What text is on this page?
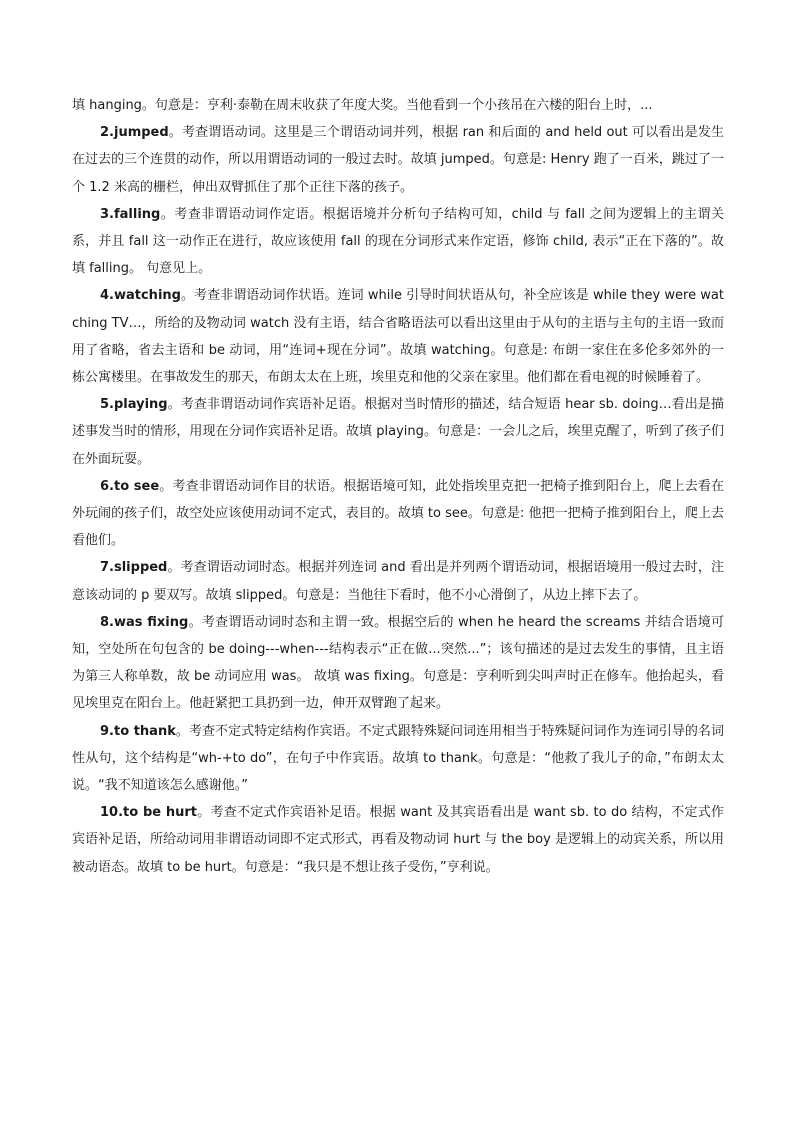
填 hanging。句意是：亨利·泰勒在周末收获了年度大奖。当他看到一个小孩吊在六楼的阳台上时，...

2.jumped。考查谓语动词。这里是三个谓语动词并列，根据 ran 和后面的 and held out 可以看出是发生在过去的三个连贯的动作，所以用谓语动词的一般过去时。故填 jumped。句意是: Henry 跑了一百米，跳过了一个 1.2 米高的栅栏，伸出双臂抓住了那个正往下落的孩子。

3.falling。考查非谓语动词作定语。根据语境并分析句子结构可知，child 与 fall 之间为逻辑上的主谓关系，并且 fall 这一动作正在进行，故应该使用 fall 的现在分词形式来作定语，修饰 child, 表示“正在下落的”。故填 falling。 句意见上。

4.watching。考查非谓语动词作状语。连词 while 引导时间状语从句，补全应该是 while they were watching TV…，所给的及物动词 watch 没有主语，结合省略语法可以看出这里由于从句的主语与主句的主语一致而用了省略，省去主语和 be 动词，用“连词+现在分词”。故填 watching。句意是: 布朗一家住在多伦多郊外的一栋公寓楼里。在事故发生的那天，布朗太太在上班，埃里克和他的父亲在家里。他们都在看电视的时候睡着了。

5.playing。考查非谓语动词作宾语补足语。根据对当时情形的描述，结合短语 hear sb. doing…看出是描述事发当时的情形，用现在分词作宾语补足语。故填 playing。句意是：一会儿之后，埃里克醒了，听到了孩子们在外面玩耍。

6.to see。考查非谓语动词作目的状语。根据语境可知，此处指埃里克把一把椅子推到阳台上，爬上去看在外玩闹的孩子们，故空处应该使用动词不定式，表目的。故填 to see。句意是: 他把一把椅子推到阳台上，爬上去看他们。

7.slipped。考查谓语动词时态。根据并列连词 and 看出是并列两个谓语动词，根据语境用一般过去时，注意该动词的 p 要双写。故填 slipped。句意是：当他往下看时，他不小心滑倒了，从边上摔下去了。

8.was fixing。考查谓语动词时态和主谓一致。根据空后的 when he heard the screams 并结合语境可知，空处所在句包含的 be doing---when---结构表示“正在做...突然...”；该句描述的是过去发生的事情，且主语为第三人称单数，故 be 动词应用 was。 故填 was fixing。句意是：亨利听到尖叫声时正在修车。他抬起头，看见埃里克在阳台上。他赶紧把工具扔到一边，伸开双臂跑了起来。

9.to thank。考查不定式特定结构作宾语。不定式跟特殊疑问词连用相当于特殊疑问词作为连词引导的名词性从句，这个结构是“wh-+to do”，在句子中作宾语。故填 to thank。句意是：“他救了我儿子的命，”布朗太太说。“我不知道该怎么感谢他。”

10.to be hurt。考查不定式作宾语补足语。根据 want 及其宾语看出是 want sb. to do 结构，不定式作宾语补足语，所给动词用非谓语动词即不定式形式，再看及物动词 hurt 与 the boy 是逻辑上的动宾关系，所以用被动语态。故填 to be hurt。句意是：“我只是不想让孩子受伤，”亨利说。
